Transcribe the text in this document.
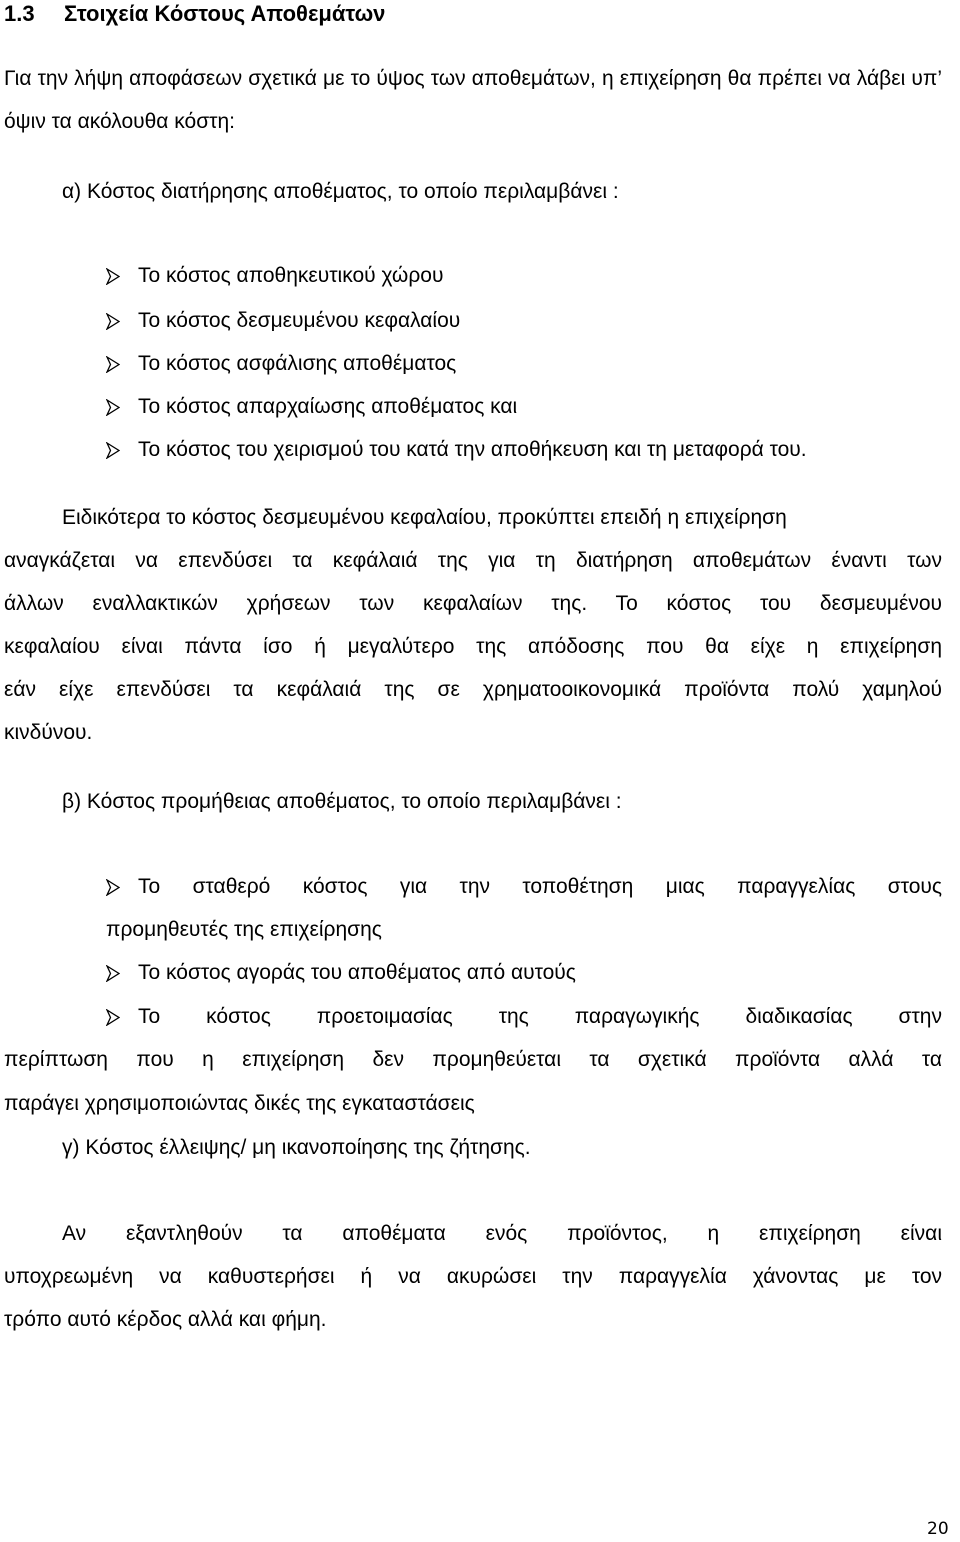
1.3 Στοιχεία Κόστους Αποθεμάτων

Για την λήψη αποφάσεων σχετικά με το ύψος των αποθεμάτων, η επιχείρηση θα πρέπει να λάβει υπ’ όψιν τα ακόλουθα κόστη:

α) Κόστος διατήρησης αποθέματος, το οποίο περιλαμβάνει :
Το κόστος αποθηκευτικού χώρου
Το κόστος δεσμευμένου κεφαλαίου
Το κόστος ασφάλισης αποθέματος
Το κόστος απαρχαίωσης αποθέματος και
Το κόστος του χειρισμού του κατά την αποθήκευση και τη μεταφορά του.
Ειδικότερα το κόστος δεσμευμένου κεφαλαίου, προκύπτει επειδή η επιχείρηση
αναγκάζεται να επενδύσει τα κεφάλαιά της για τη διατήρηση αποθεμάτων έναντι των
άλλων εναλλακτικών χρήσεων των κεφαλαίων της. Το κόστος του δεσμευμένου
κεφαλαίου είναι πάντα ίσο ή μεγαλύτερο της απόδοσης που θα είχε η επιχείρηση
εάν είχε επενδύσει τα κεφάλαιά της σε χρηματοοικονομικά προϊόντα πολύ χαμηλού
κινδύνου.
β) Κόστος προμήθειας αποθέματος, το οποίο περιλαμβάνει :
Το σταθερό κόστος για την τοποθέτηση μιας παραγγελίας στους
προμηθευτές της επιχείρησης
Το κόστος αγοράς του αποθέματος από αυτούς
Το κόστος προετοιμασίας της παραγωγικής διαδικασίας στην
περίπτωση που η επιχείρηση δεν προμηθεύεται τα σχετικά προϊόντα αλλά τα
παράγει χρησιμοποιώντας δικές της εγκαταστάσεις
γ) Κόστος έλλειψης/ μη ικανοποίησης της ζήτησης.
Αν εξαντληθούν τα αποθέματα ενός προϊόντος, η επιχείρηση είναι
υποχρεωμένη να καθυστερήσει ή να ακυρώσει την παραγγελία χάνοντας με τον
τρόπο αυτό κέρδος αλλά και φήμη.
20
